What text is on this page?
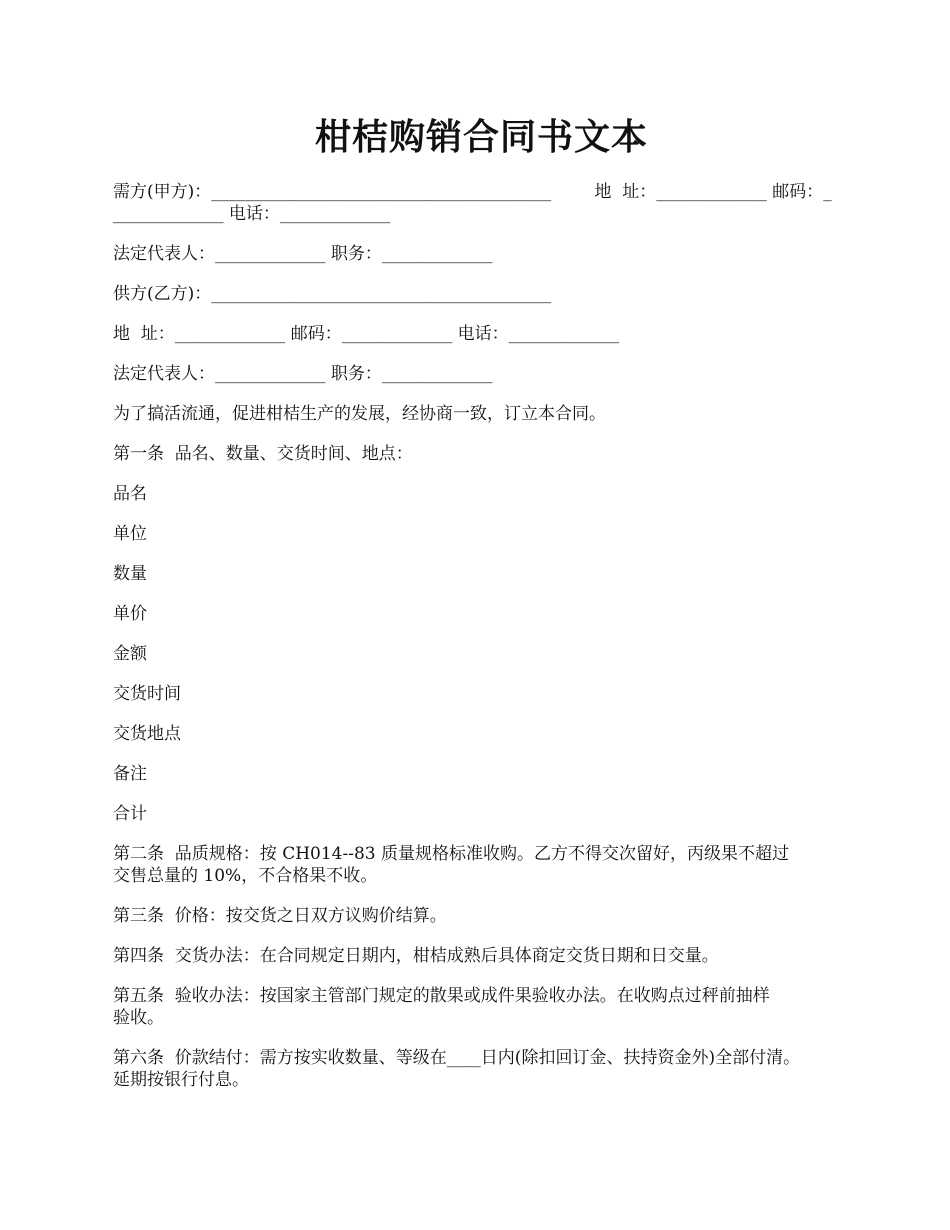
柑桔购销合同书文本

需方(甲方)：________________________________________        地  址：_____________ 邮码：_
_____________ 电话：_____________

法定代表人：_____________ 职务：_____________

供方(乙方)：________________________________________

地  址：_____________ 邮码：_____________ 电话：_____________

法定代表人：_____________ 职务：_____________

为了搞活流通，促进柑桔生产的发展，经协商一致，订立本合同。

第一条  品名、数量、交货时间、地点：

品名

单位

数量

单价

金额

交货时间

交货地点

备注

合计

第二条  品质规格：按 CH014--83 质量规格标准收购。乙方不得交次留好，丙级果不超过
交售总量的 10%，不合格果不收。

第三条  价格：按交货之日双方议购价结算。

第四条  交货办法：在合同规定日期内，柑桔成熟后具体商定交货日期和日交量。

第五条  验收办法：按国家主管部门规定的散果或成件果验收办法。在收购点过秤前抽样
验收。

第六条  价款结付：需方按实收数量、等级在____日内(除扣回订金、扶持资金外)全部付清。
延期按银行付息。
